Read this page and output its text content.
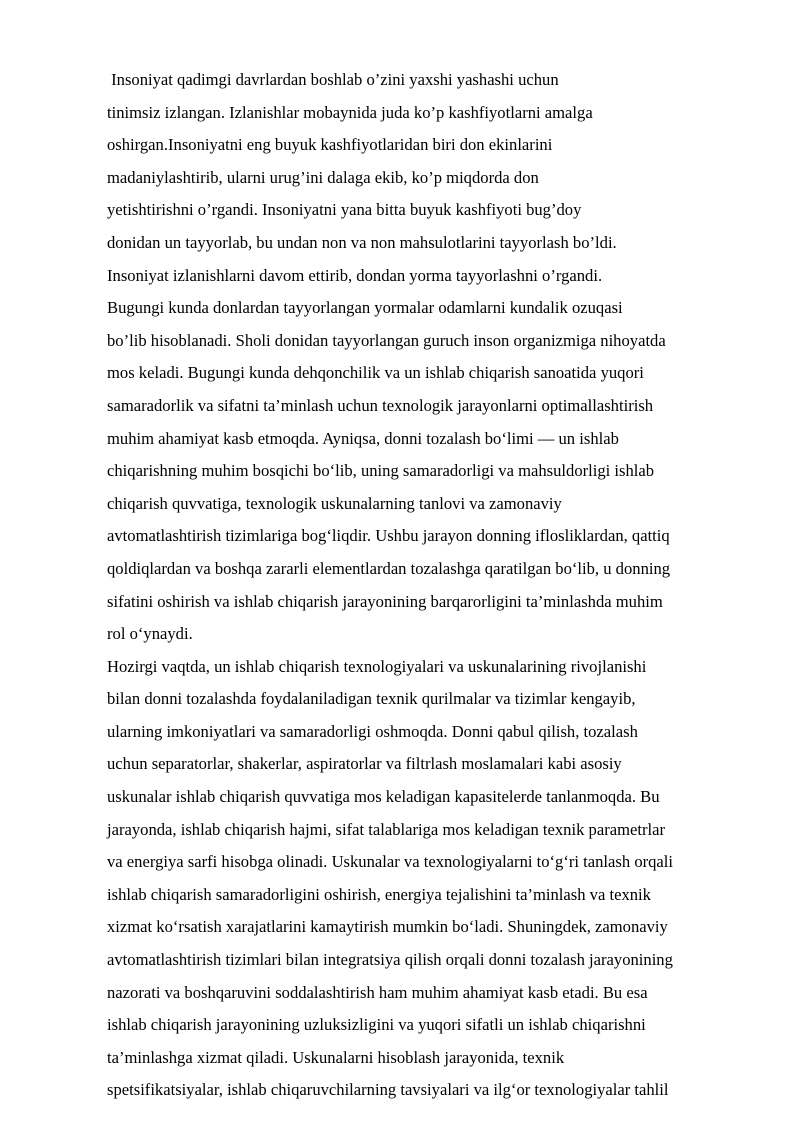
Insoniyat qadimgi davrlardan boshlab o’zini yaxshi yashashi uchun
tinimsiz izlangan. Izlanishlar mobaynida juda ko’p kashfiyotlarni amalga
oshirgan.Insoniyatni eng buyuk kashfiyotlaridan biri don ekinlarini
madaniylashtirib, ularni urug’ini dalaga ekib, ko’p miqdorda don
yetishtirishni o’rgandi. Insoniyatni yana bitta buyuk kashfiyoti bug’doy
donidan un tayyorlab, bu undan non va non mahsulotlarini tayyorlash bo’ldi.
Insoniyat izlanishlarni davom ettirib, dondan yorma tayyorlashni o’rgandi.
Bugungi kunda donlardan tayyorlangan yormalar odamlarni kundalik ozuqasi
bo’lib hisoblanadi. Sholi donidan tayyorlangan guruch inson organizmiga nihoyatda
mos keladi. Bugungi kunda dehqonchilik va un ishlab chiqarish sanoatida yuqori
samaradorlik va sifatni ta’minlash uchun texnologik jarayonlarni optimallashtirish
muhim ahamiyat kasb etmoqda. Ayniqsa, donni tozalash bo‘limi — un ishlab
chiqarishning muhim bosqichi bo‘lib, uning samaradorligi va mahsuldorligi ishlab
chiqarish quvvatiga, texnologik uskunalarning tanlovi va zamonaviy
avtomatlashtirish tizimlariga bog‘liqdir. Ushbu jarayon donning ifloslikl​ardan, qattiq
qoldiqlardan va boshqa zararli elementlardan tozalashga qaratilgan bo‘lib, u donning
sifatini oshirish va ishlab chiqarish jarayonining barqarorligini ta’minlashda muhim
rol o‘ynaydi.
Hozirgi vaqtda, un ishlab chiqarish texnologiyalari va uskunalarining rivojlanishi
bilan donni tozalashda foydalaniladigan texnik qurilmalar va tizimlar kengayib,
ularning imkoniyatlari va samaradorligi oshmoqda. Donni qabul qilish, tozalash
uchun separatorlar, shakerlar, aspiratorlar va filtrlash moslamalari kabi asosiy
uskunalar ishlab chiqarish quvvatiga mos keladigan kapasitelerde tanlanmoqda. Bu
jarayonda, ishlab chiqarish hajmi, sifat talablariga mos keladigan texnik parametrlar
va energiya sarfi hisobga olinadi. Uskunalar va texnologiyalarni to‘g‘ri tanlash orqali
ishlab chiqarish samaradorligini oshirish, energiya tejalishini ta’minlash va texnik
xizmat ko‘rsatish xarajatlarini kamaytirish mumkin bo‘ladi. Shuningdek, zamonaviy
avtomatlashtirish tizimlari bilan integratsiya qilish orqali donni tozalash jarayonining
nazorati va boshqaruvini soddalashtirish ham muhim ahamiyat kasb etadi. Bu esa
ishlab chiqarish jarayonining uzluksizligini va yuqori sifatli un ishlab chiqarishni
ta’minlashga xizmat qiladi. Uskunalarni hisoblash jarayonida, texnik
spetsifikatsiyalar, ishlab chiqaruvchilarning tavsiyalari va ilg‘or texnologiyalar tahlil
